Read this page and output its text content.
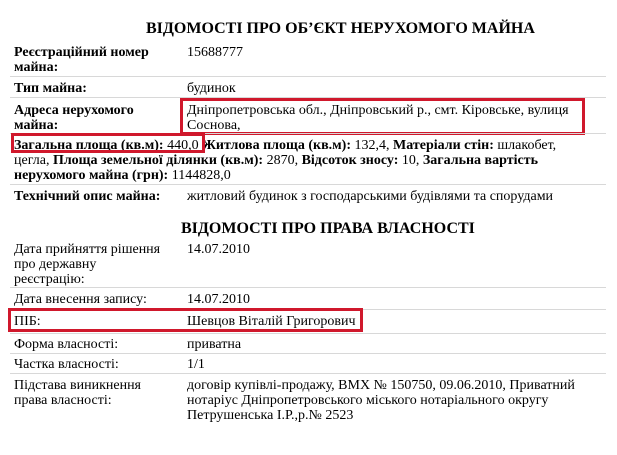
ВІДОМОСТІ ПРО ОБ’ЄКТ НЕРУХОМОГО МАЙНА
Реєстраційний номер
майна:
15688777
Тип майна:	будинок
Адреса нерухомого
майна:
Дніпропетровська обл., Дніпровський р., смт. Кіровське, вулиця
Соснова,
Загальна площа (кв.м): 440,0 Житлова площа (кв.м): 132,4, Матеріали стін: шлакобет,
цегла, Площа земельної ділянки (кв.м): 2870, Відсоток зносу: 10, Загальна вартість
нерухомого майна (грн): 1144828,0
Технічний опис майна: житловий будинок з господарськими будівлями та спорудами
ВІДОМОСТІ ПРО ПРАВА ВЛАСНОСТІ
Дата прийняття рішення
про державну
реєстрацію:
14.07.2010
Дата внесення запису:	14.07.2010
ПІБ:	Шевцов Віталій Григорович
Форма власності:	приватна
Частка власності:	1/1
Підстава виникнення
права власності:
договір купівлі-продажу, ВМХ № 150750, 09.06.2010, Приватний
нотаріус Дніпропетровського міського нотаріального округу
Петрушенська І.Р.,р.№ 2523
